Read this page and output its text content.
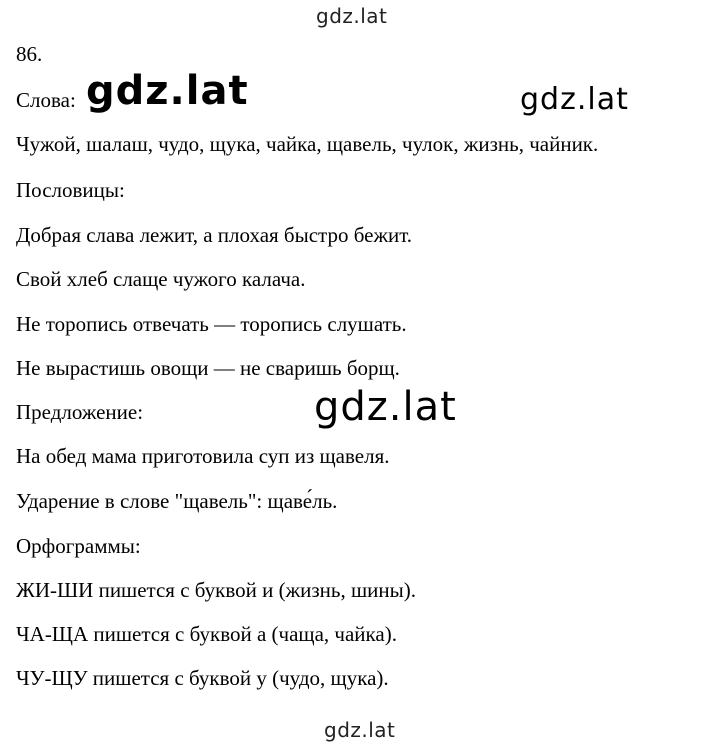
gdz.lat
86.
Слова:
Чужой, шалаш, чудо, щука, чайка, щавель, чулок, жизнь, чайник.
Пословицы:
Добрая слава лежит, а плохая быстро бежит.
Свой хлеб слаще чужого калача.
Не торопись отвечать — торопись слушать.
Не вырастишь овощи — не сваришь борщ.
Предложение:
На обед мама приготовила суп из щавеля.
Ударение в слове "щавель": щаве́ль.
Орфограммы:
ЖИ-ШИ пишется с буквой и (жизнь, шины).
ЧА-ЩА пишется с буквой а (чаща, чайка).
ЧУ-ЩУ пишется с буквой у (чудо, щука).
gdz.lat	gdz.lat
gdz.lat
gdz.lat
